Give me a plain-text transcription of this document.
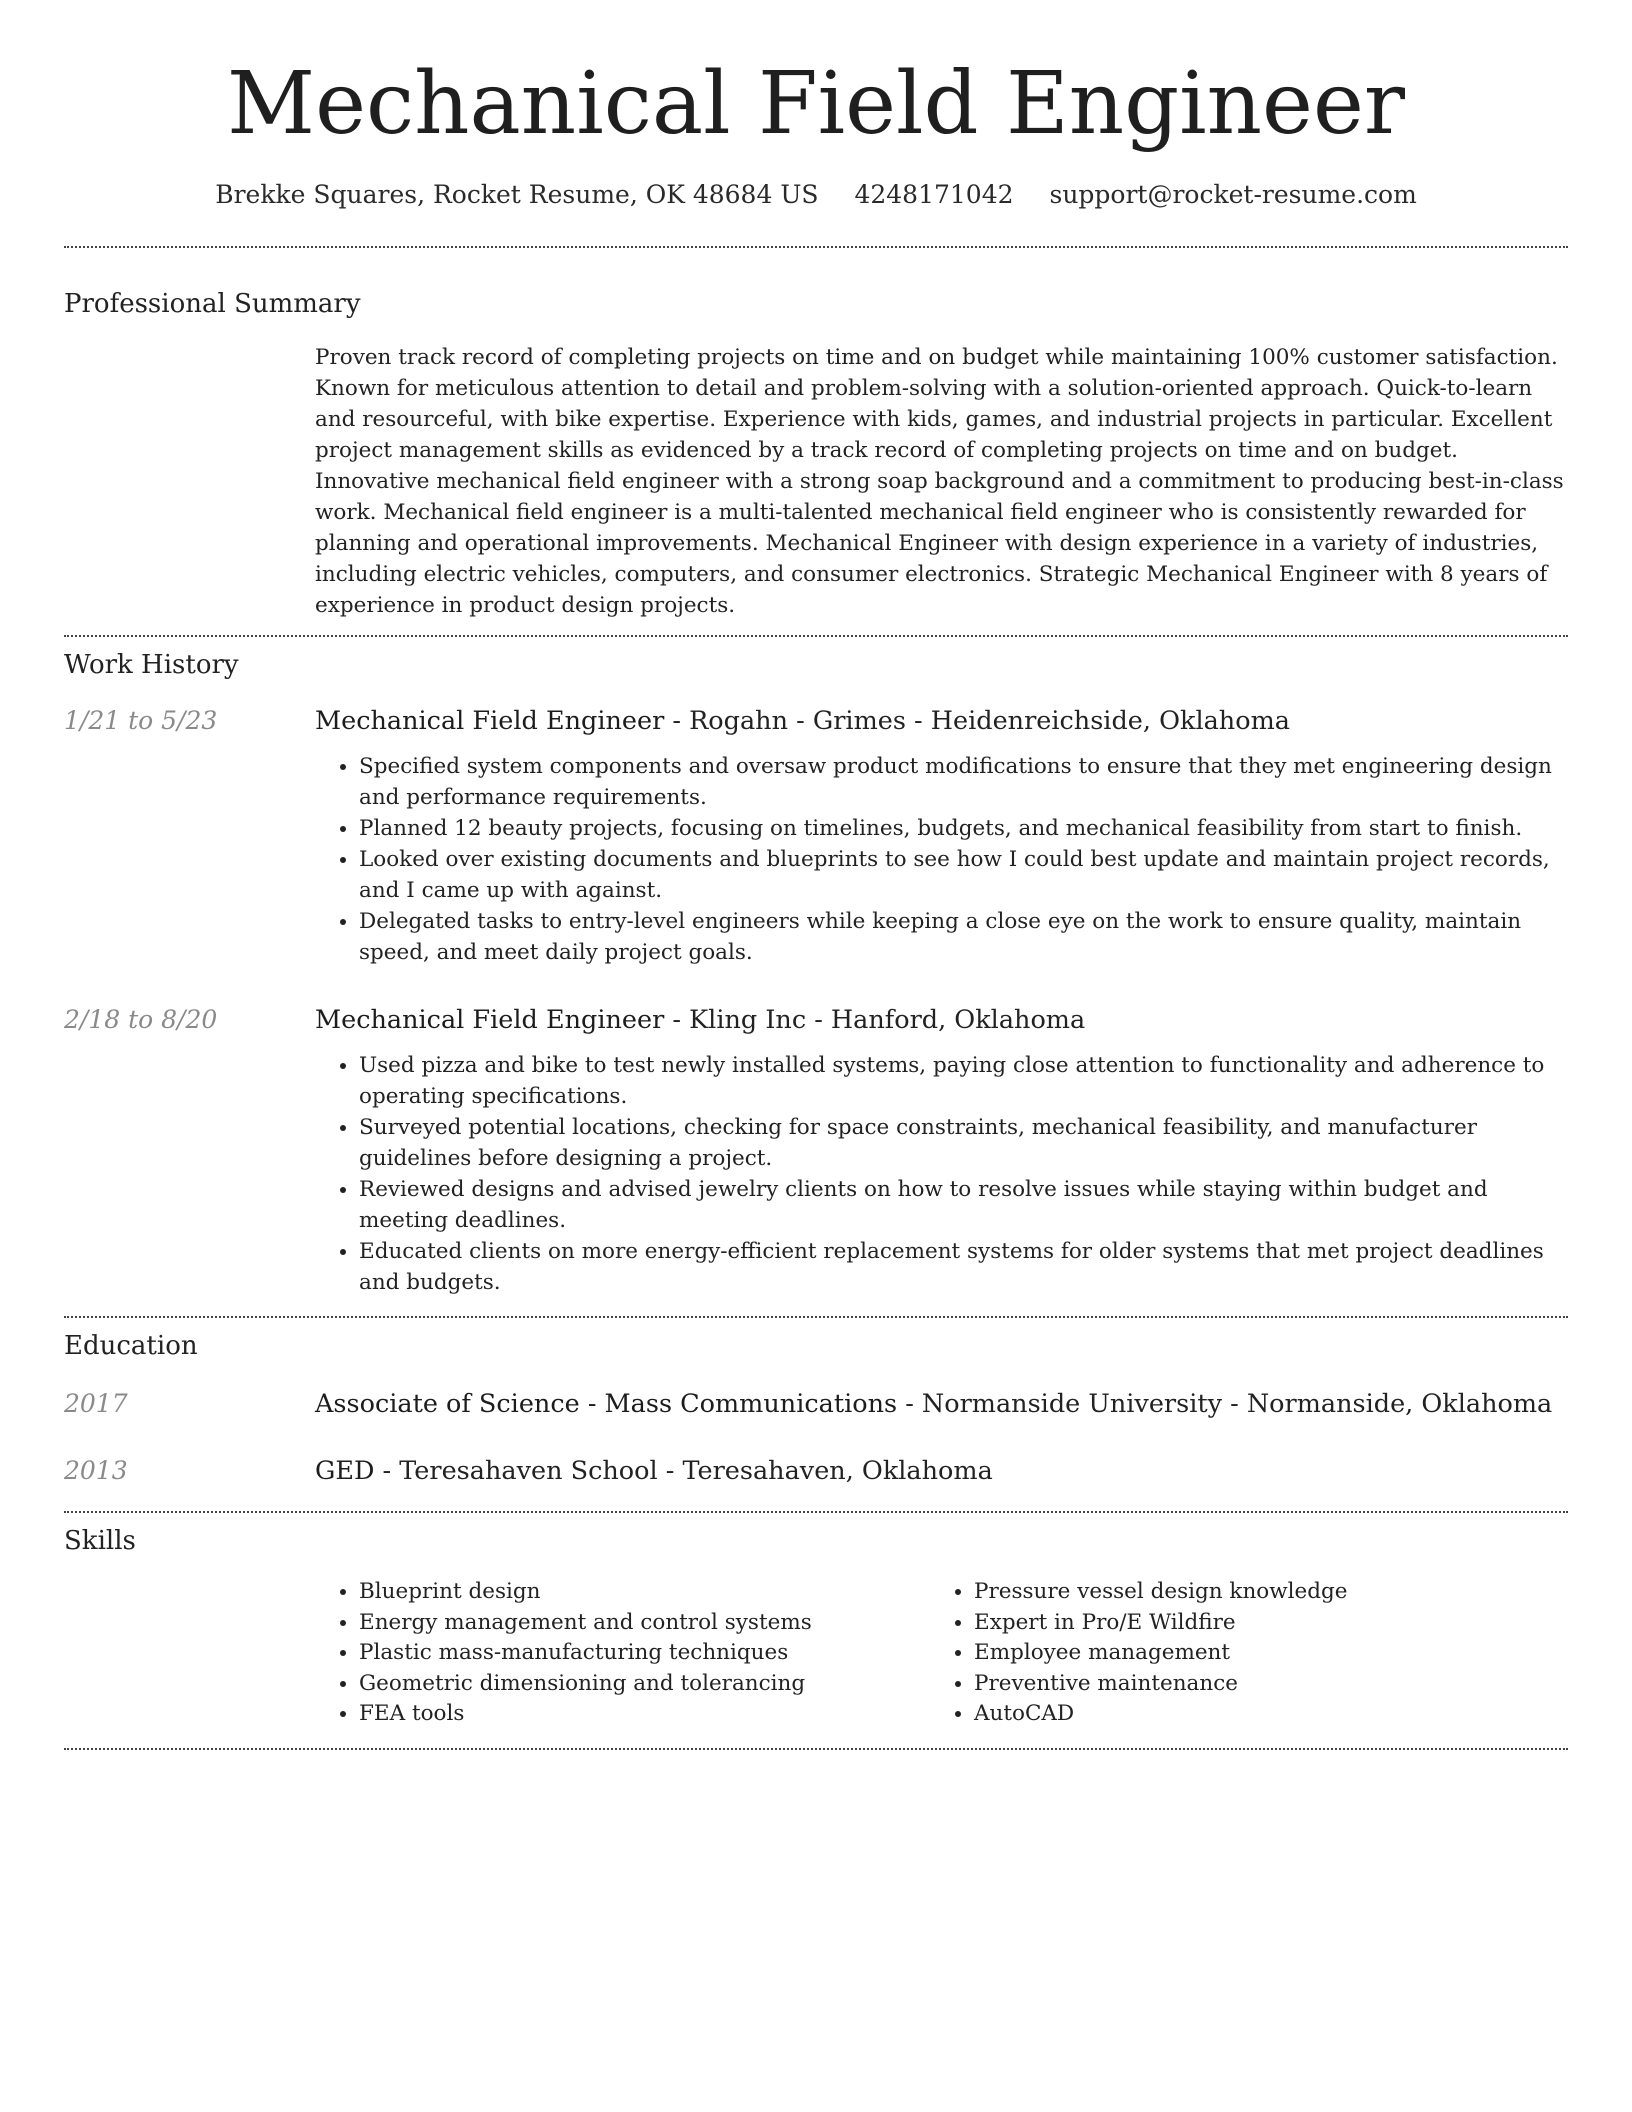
Mechanical Field Engineer
Brekke Squares, Rocket Resume, OK 48684 US 4248171042 support@rocket-resume.com
Professional Summary

Proven track record of completing projects on time and on budget while maintaining 100% customer satisfaction. Known for meticulous attention to detail and problem-solving with a solution-oriented approach. Quick-to-learn and resourceful, with bike expertise. Experience with kids, games, and industrial projects in particular. Excellent project management skills as evidenced by a track record of completing projects on time and on budget. Innovative mechanical field engineer with a strong soap background and a commitment to producing best-in-class work. Mechanical field engineer is a multi-talented mechanical field engineer who is consistently rewarded for planning and operational improvements. Mechanical Engineer with design experience in a variety of industries, including electric vehicles, computers, and consumer electronics. Strategic Mechanical Engineer with 8 years of experience in product design projects.

Work History
1/21 to 5/23	Mechanical Field Engineer - Rogahn - Grimes - Heidenreichside, Oklahoma
• Specified system components and oversaw product modifications to ensure that they met engineering design and performance requirements.
• Planned 12 beauty projects, focusing on timelines, budgets, and mechanical feasibility from start to finish.
• Looked over existing documents and blueprints to see how I could best update and maintain project records, and I came up with against.
• Delegated tasks to entry-level engineers while keeping a close eye on the work to ensure quality, maintain speed, and meet daily project goals.
2/18 to 8/20	Mechanical Field Engineer - Kling Inc - Hanford, Oklahoma
• Used pizza and bike to test newly installed systems, paying close attention to functionality and adherence to operating specifications.
• Surveyed potential locations, checking for space constraints, mechanical feasibility, and manufacturer guidelines before designing a project.
• Reviewed designs and advised jewelry clients on how to resolve issues while staying within budget and meeting deadlines.
• Educated clients on more energy-efficient replacement systems for older systems that met project deadlines and budgets.
Education
2017	Associate of Science - Mass Communications - Normanside University - Normanside, Oklahoma
2013	GED - Teresahaven School - Teresahaven, Oklahoma
Skills
• Blueprint design
• Energy management and control systems
• Plastic mass-manufacturing techniques
• Geometric dimensioning and tolerancing
• FEA tools
• Pressure vessel design knowledge
• Expert in Pro/E Wildfire
• Employee management
• Preventive maintenance
• AutoCAD
